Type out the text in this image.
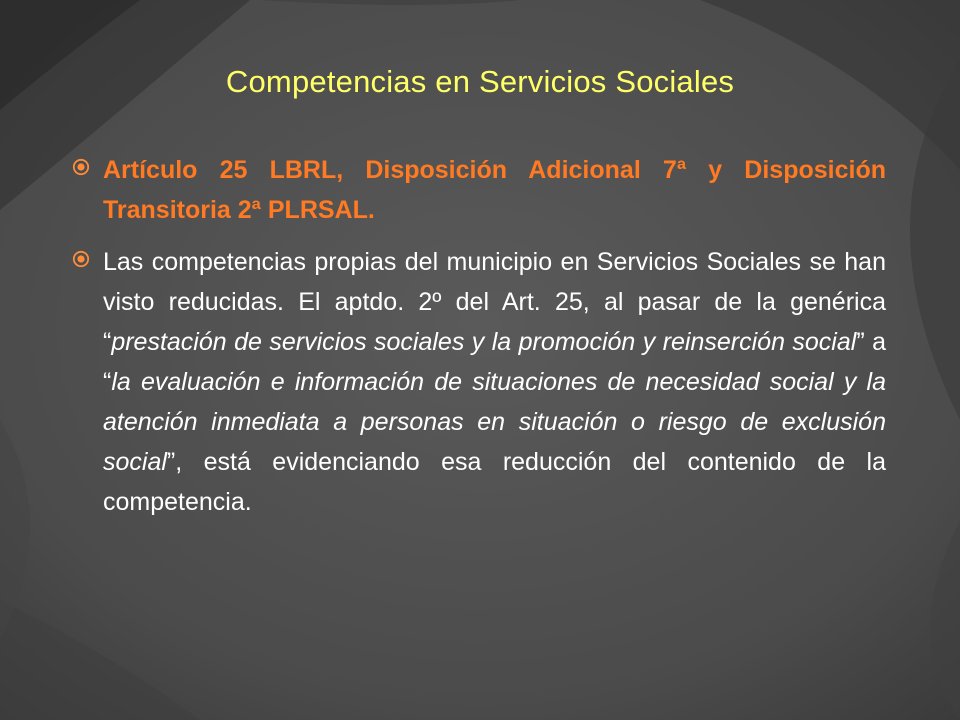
Competencias en Servicios Sociales
Artículo 25 LBRL, Disposición Adicional 7ª y Disposición Transitoria 2ª PLRSAL.
Las competencias propias del municipio en Servicios Sociales se han visto reducidas. El aptdo. 2º del Art. 25, al pasar de la genérica “prestación de servicios sociales y la promoción y reinserción social” a “la evaluación e información de situaciones de necesidad social y la atención inmediata a personas en situación o riesgo de exclusión social”, está evidenciando esa reducción del contenido de la competencia.
